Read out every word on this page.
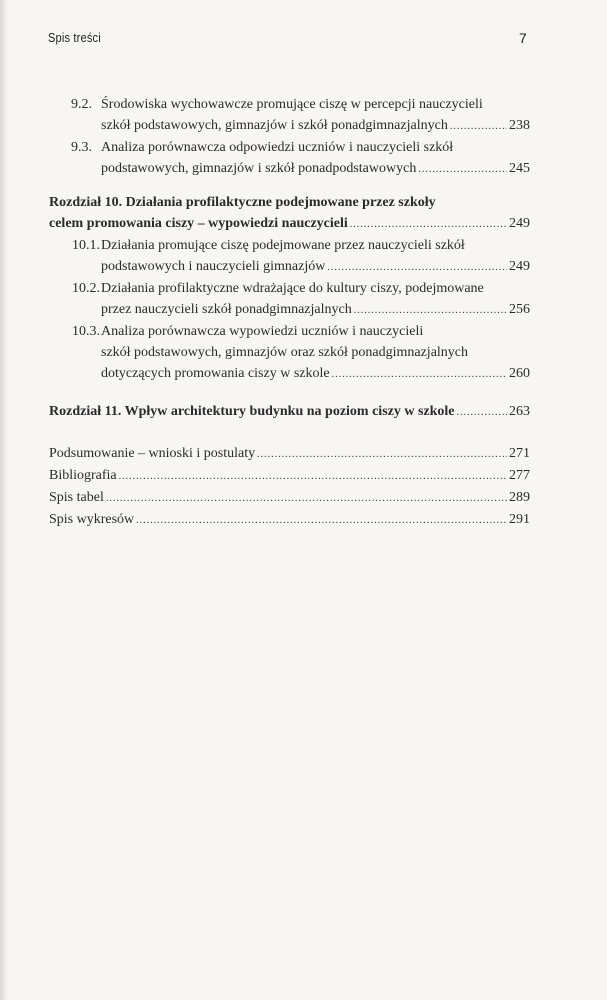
Spis treści	7
9.2. Środowiska wychowawcze promujące ciszę w percepcji nauczycieli
szkół podstawowych, gimnazjów i szkół ponadgimnazjalnych .....	238
9.3. Analiza porównawcza odpowiedzi uczniów i nauczycieli szkół
podstawowych, gimnazjów i szkół ponadpodstawowych .....	245
Rozdział 10. Działania profilaktyczne podejmowane przez szkoły
celem promowania ciszy – wypowiedzi nauczycieli .....	249
10.1. Działania promujące ciszę podejmowane przez nauczycieli szkół
podstawowych i nauczycieli gimnazjów .....	249
10.2. Działania profilaktyczne wdrażające do kultury ciszy, podejmowane
przez nauczycieli szkół ponadgimnazjalnych .....	256
10.3. Analiza porównawcza wypowiedzi uczniów i nauczycieli
szkół podstawowych, gimnazjów oraz szkół ponadgimnazjalnych
dotyczących promowania ciszy w szkole .....	260
Rozdział 11. Wpływ architektury budynku na poziom ciszy w szkole .....	263
Podsumowanie – wnioski i postulaty .....	271
Bibliografia .....	277
Spis tabel .....	289
Spis wykresów .....	291
